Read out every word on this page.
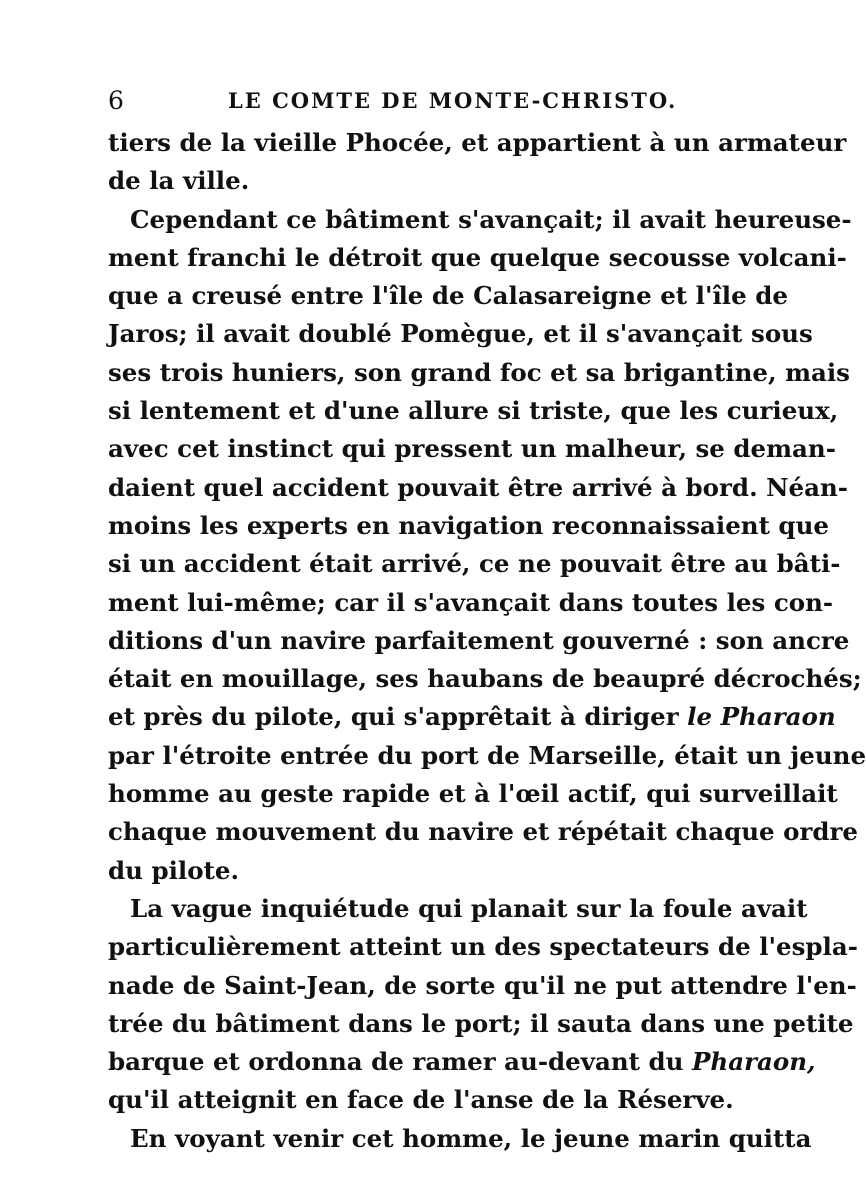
6	LE COMTE DE MONTE-CHRISTO.
tiers de la vieille Phocée, et appartient à un armateur
de la ville.
Cependant ce bâtiment s'avançait; il avait heureuse-
ment franchi le détroit que quelque secousse volcani-
que a creusé entre l'île de Calasareigne et l'île de
Jaros; il avait doublé Pomègue, et il s'avançait sous
ses trois huniers, son grand foc et sa brigantine, mais
si lentement et d'une allure si triste, que les curieux,
avec cet instinct qui pressent un malheur, se deman-
daient quel accident pouvait être arrivé à bord. Néan-
moins les experts en navigation reconnaissaient que
si un accident était arrivé, ce ne pouvait être au bâti-
ment lui-même; car il s'avançait dans toutes les con-
ditions d'un navire parfaitement gouverné : son ancre
était en mouillage, ses haubans de beaupré décrochés;
et près du pilote, qui s'apprêtait à diriger le Pharaon
par l'étroite entrée du port de Marseille, était un jeune
homme au geste rapide et à l'œil actif, qui surveillait
chaque mouvement du navire et répétait chaque ordre
du pilote.
La vague inquiétude qui planait sur la foule avait
particulièrement atteint un des spectateurs de l'espla-
nade de Saint-Jean, de sorte qu'il ne put attendre l'en-
trée du bâtiment dans le port; il sauta dans une petite
barque et ordonna de ramer au-devant du Pharaon,
qu'il atteignit en face de l'anse de la Réserve.
En voyant venir cet homme, le jeune marin quitta
